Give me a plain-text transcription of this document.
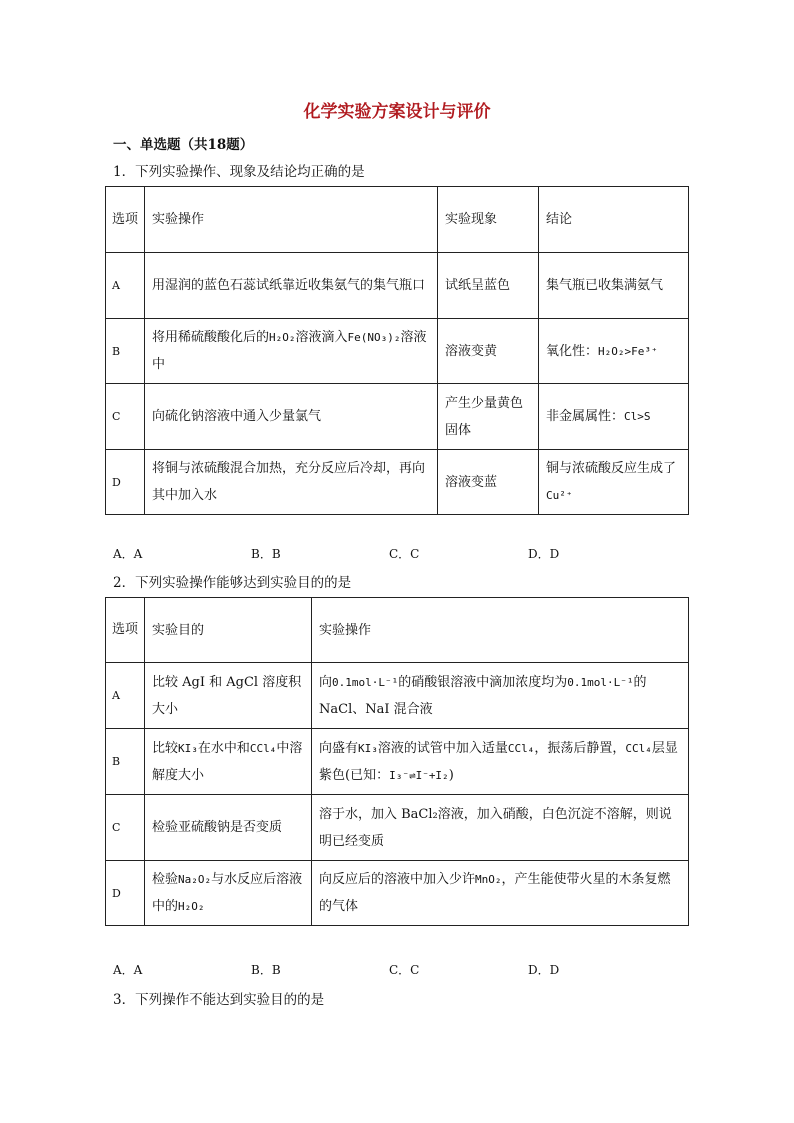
化学实验方案设计与评价
一、单选题（共18题）
1．下列实验操作、现象及结论均正确的是
选项	实验操作	实验现象	结论
A	用湿润的蓝色石蕊试纸靠近收集氨气的集气瓶口	试纸呈蓝色	集气瓶已收集满氨气
B	将用稀硫酸酸化后的H₂O₂溶液滴入Fe(NO₃)₂溶液中	溶液变黄	氧化性：H₂O₂>Fe³⁺
C	向硫化钠溶液中通入少量氯气	产生少量黄色固体	非金属属性：Cl>S
D	将铜与浓硫酸混合加热，充分反应后冷却，再向其中加入水	溶液变蓝	铜与浓硫酸反应生成了Cu²⁺
A．A	B．B	C．C	D．D
2．下列实验操作能够达到实验目的的是
选项	实验目的	实验操作
A	比较 AgI 和 AgCl 溶度积大小	向0.1mol·L⁻¹的硝酸银溶液中滴加浓度均为0.1mol·L⁻¹的 NaCl、NaI 混合液
B	比较KI₃在水中和CCl₄中溶解度大小	向盛有KI₃溶液的试管中加入适量CCl₄，振荡后静置，CCl₄层显紫色(已知：I₃⁻⇌I⁻+I₂)
C	检验亚硫酸钠是否变质	溶于水，加入 BaCl₂溶液，加入硝酸，白色沉淀不溶解，则说明已经变质
D	检验Na₂O₂与水反应后溶液中的H₂O₂	向反应后的溶液中加入少许MnO₂，产生能使带火星的木条复燃的气体
A．A	B．B	C．C	D．D
3．下列操作不能达到实验目的的是
